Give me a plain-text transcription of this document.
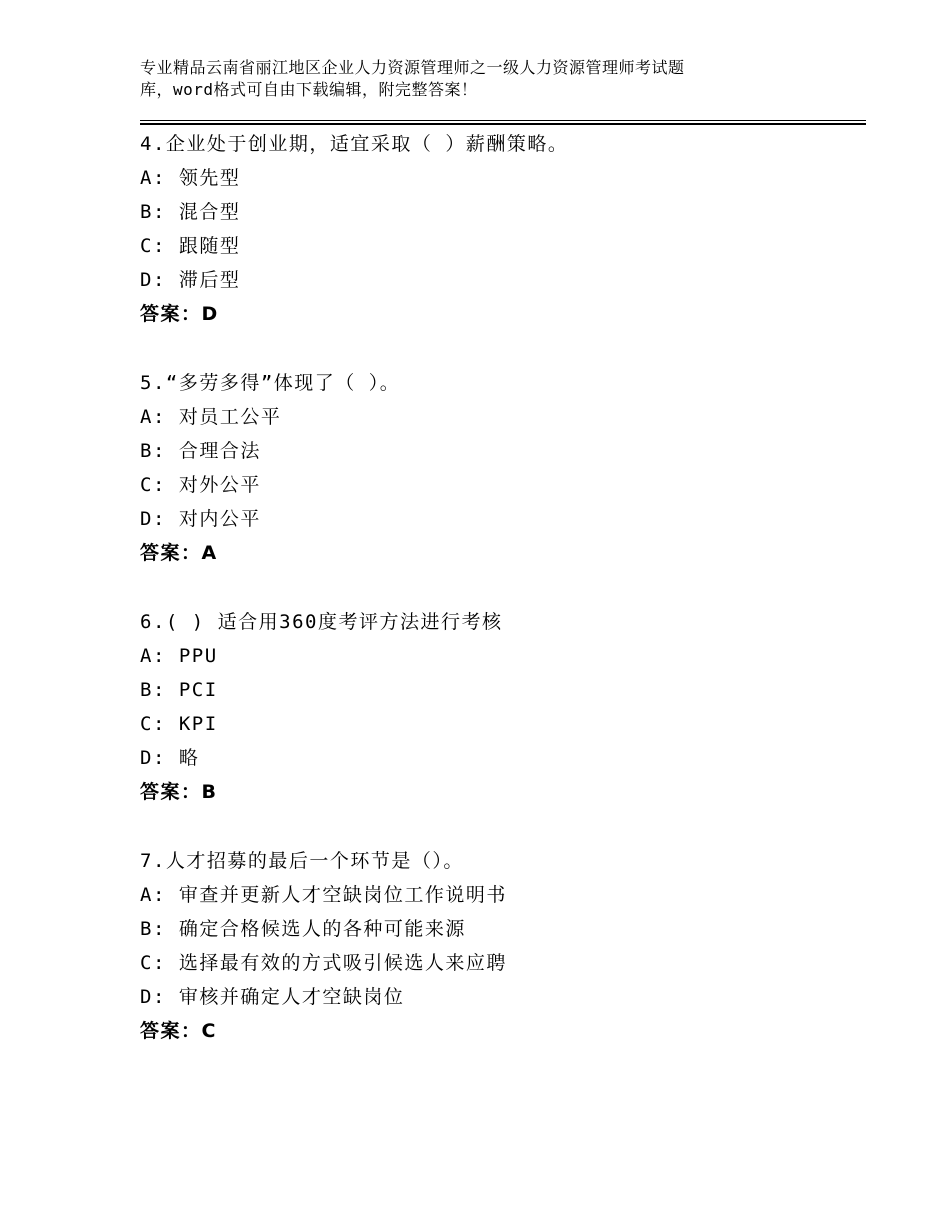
专业精品云南省丽江地区企业人力资源管理师之一级人力资源管理师考试题
库，word格式可自由下载编辑，附完整答案！
4.企业处于创业期，适宜采取（ ）薪酬策略。
A: 领先型
B: 混合型
C: 跟随型
D: 滞后型
答案：D
5.“多劳多得”体现了（ ）。
A: 对员工公平
B: 合理合法
C: 对外公平
D: 对内公平
答案：A
6.( ) 适合用360度考评方法进行考核
A: PPU
B: PCI
C: KPI
D: 略
答案：B
7.人才招募的最后一个环节是（）。
A: 审查并更新人才空缺岗位工作说明书
B: 确定合格候选人的各种可能来源
C: 选择最有效的方式吸引候选人来应聘
D: 审核并确定人才空缺岗位
答案：C
